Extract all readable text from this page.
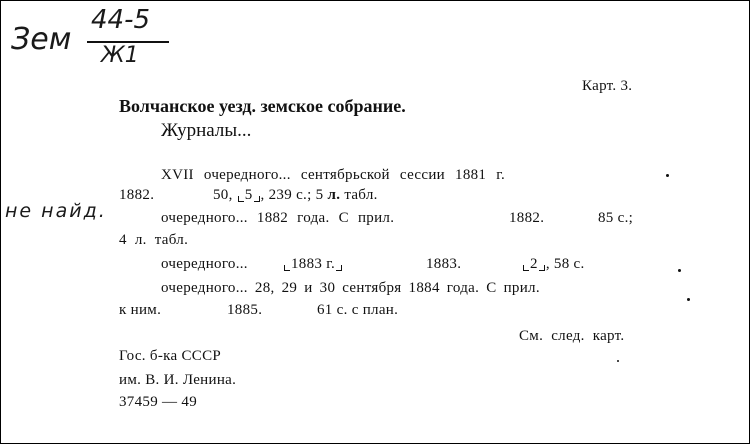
Зем
44-5
Ж1
не найд.
Карт. 3.
Волчанское уезд. земское собрание.
Журналы...
XVII очередного... сентябрьской сессии 1881 г.
1882.	50, 5 , 239 с.; 5 л. табл.
очередного... 1882 года. С прил.	1882.	85 с.;
4 л. табл.
очередного...	1883 г.	1883.	2 , 58 с.
очередного... 28, 29 и 30 сентября 1884 года. С прил.
к ним.	1885.	61 с. с план.
См. след. карт.
Гос. б-ка СССР
им. В. И. Ленина.
37459 — 49
